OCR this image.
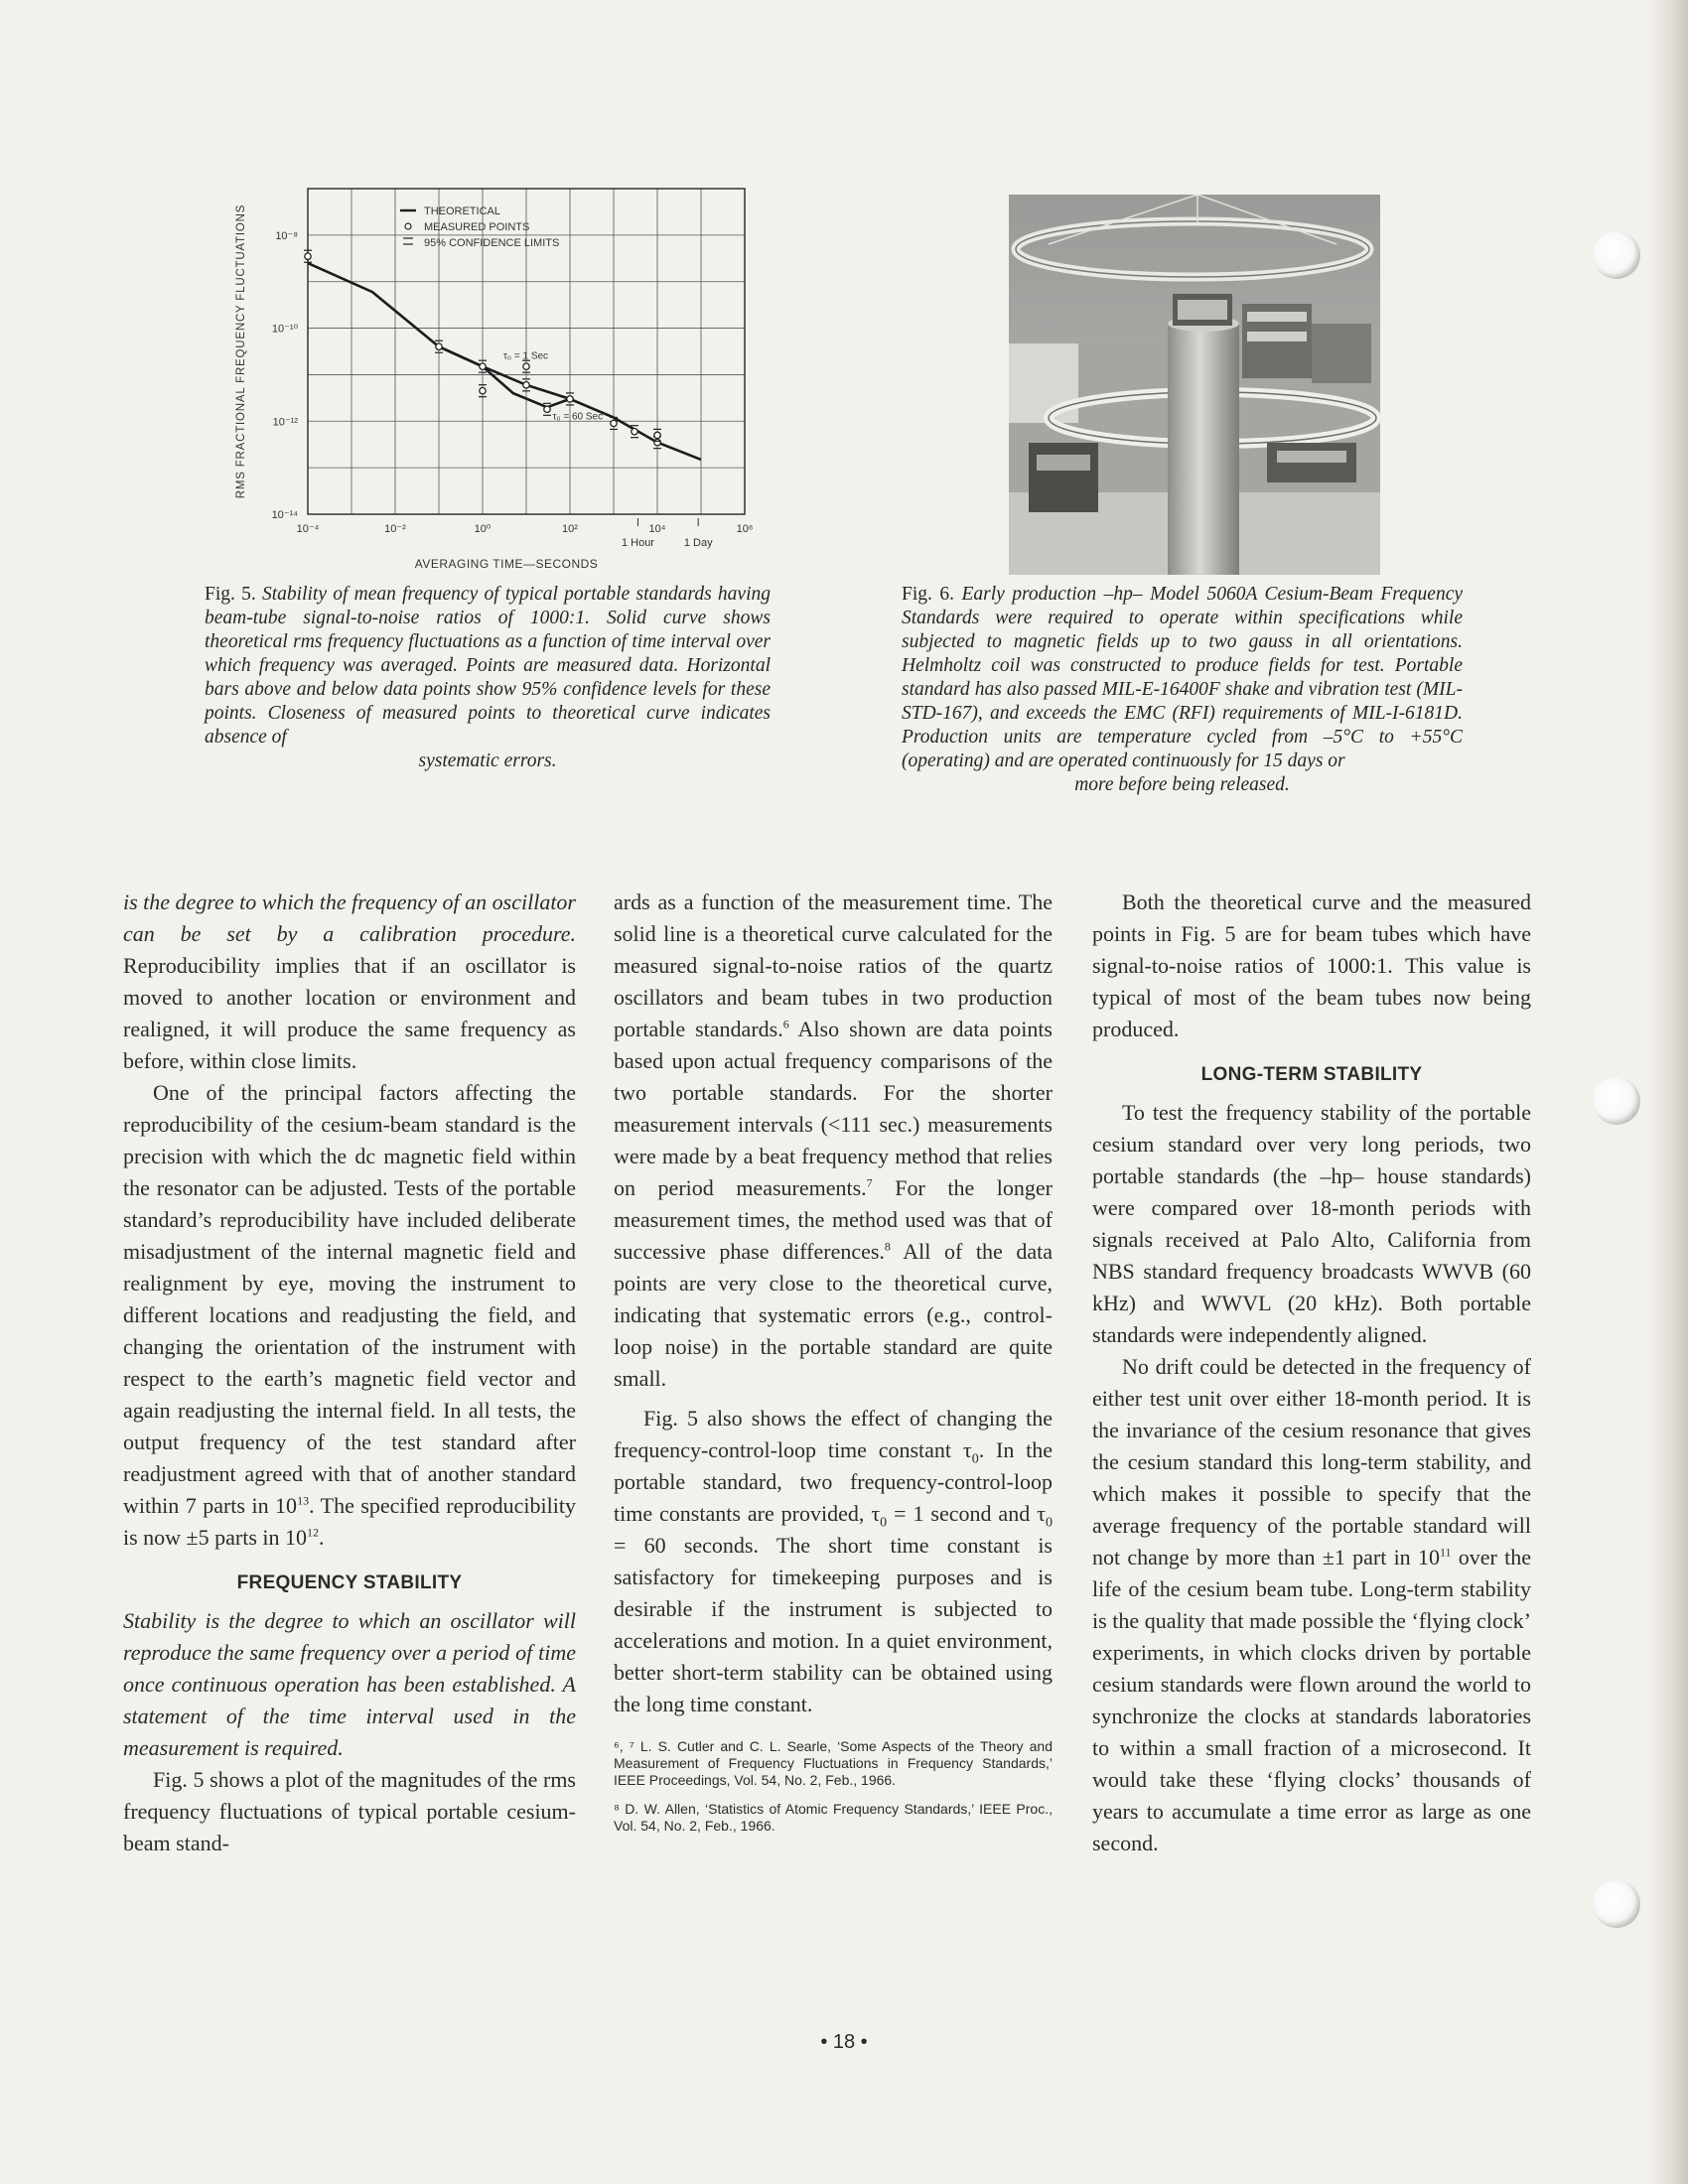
10⁻⁴	10⁻²	10⁰	10²	10⁴	10⁶
1 Hour	1 Day
10⁻⁸
10⁻¹⁰
10⁻¹²
10⁻¹⁴
THEORETICAL
MEASURED POINTS
95% CONFIDENCE LIMITS
AVERAGING TIME—SECONDS
RMS FRACTIONAL FREQUENCY FLUCTUATIONS	τ₀ = 1 Sec
τ₀ = 60 Sec
Fig. 5. Stability of mean frequency of typical portable standards having beam-tube signal-to-noise ratios of 1000:1. Solid curve shows theoretical rms frequency fluctuations as a function of time interval over which frequency was averaged. Points are measured data. Horizontal bars above and below data points show 95% confidence levels for these points. Closeness of measured points to theoretical curve indicates absence of
systematic errors.
Fig. 6. Early production –hp– Model 5060A Cesium-Beam Frequency Standards were required to operate within specifications while subjected to magnetic fields up to two gauss in all orientations. Helmholtz coil was constructed to produce fields for test. Portable standard has also passed MIL-E-16400F shake and vibration test (MIL-STD-167), and exceeds the EMC (RFI) requirements of MIL-I-6181D. Production units are temperature cycled from –5°C to +55°C (operating) and are operated continuously for 15 days or
more before being released.

is the degree to which the frequency of an oscillator can be set by a calibration procedure. Reproducibility implies that if an oscillator is moved to another location or environment and realigned, it will produce the same frequency as before, within close limits.

One of the principal factors affecting the reproducibility of the cesium-beam standard is the precision with which the dc magnetic field within the resonator can be adjusted. Tests of the portable standard’s reproducibility have included deliberate misadjustment of the internal magnetic field and realignment by eye, moving the instrument to different locations and readjusting the field, and changing the orientation of the instrument with respect to the earth’s magnetic field vector and again readjusting the internal field. In all tests, the output frequency of the test standard after readjustment agreed with that of another standard within 7 parts in $10^{13}$. The specified reproducibility is now ±5 parts in $10^{12}$.

FREQUENCY STABILITY

Stability is the degree to which an oscillator will reproduce the same frequency over a period of time once continuous operation has been established. A statement of the time interval used in the measurement is required.

Fig. 5 shows a plot of the magnitudes of the rms frequency fluctuations of typical portable cesium-beam stand-

ards as a function of the measurement time. The solid line is a theoretical curve calculated for the measured signal-to-noise ratios of the quartz oscillators and beam tubes in two production portable standards.$^6$ Also shown are data points based upon actual frequency comparisons of the two portable standards. For the shorter measurement intervals (<111 sec.) measurements were made by a beat frequency method that relies on period measurements.$^7$ For the longer measurement times, the method used was that of successive phase differences.$^8$ All of the data points are very close to the theoretical curve, indicating that systematic errors (e.g., control-loop noise) in the portable standard are quite small.

Fig. 5 also shows the effect of changing the frequency-control-loop time constant $\tau_0$. In the portable standard, two frequency-control-loop time constants are provided, $\tau_0 = 1$ second and $\tau_0 = 60$ seconds. The short time constant is satisfactory for timekeeping purposes and is desirable if the instrument is subjected to accelerations and motion. In a quiet environment, better short-term stability can be obtained using the long time constant.

⁶, ⁷ L. S. Cutler and C. L. Searle, ‘Some Aspects of the Theory and Measurement of Frequency Fluctuations in Frequency Standards,’ IEEE Proceedings, Vol. 54, No. 2, Feb., 1966.

⁸ D. W. Allen, ‘Statistics of Atomic Frequency Standards,’ IEEE Proc., Vol. 54, No. 2, Feb., 1966.

Both the theoretical curve and the measured points in Fig. 5 are for beam tubes which have signal-to-noise ratios of 1000:1. This value is typical of most of the beam tubes now being produced.

LONG-TERM STABILITY

To test the frequency stability of the portable cesium standard over very long periods, two portable standards (the –hp– house standards) were compared over 18-month periods with signals received at Palo Alto, California from NBS standard frequency broadcasts WWVB (60 kHz) and WWVL (20 kHz). Both portable standards were independently aligned.

No drift could be detected in the frequency of either test unit over either 18-month period. It is the invariance of the cesium resonance that gives the cesium standard this long-term stability, and which makes it possible to specify that the average frequency of the portable standard will not change by more than ±1 part in $10^{11}$ over the life of the cesium beam tube. Long-term stability is the quality that made possible the ‘flying clock’ experiments, in which clocks driven by portable cesium standards were flown around the world to synchronize the clocks at standards laboratories to within a small fraction of a microsecond. It would take these ‘flying clocks’ thousands of years to accumulate a time error as large as one second.

• 18 •
